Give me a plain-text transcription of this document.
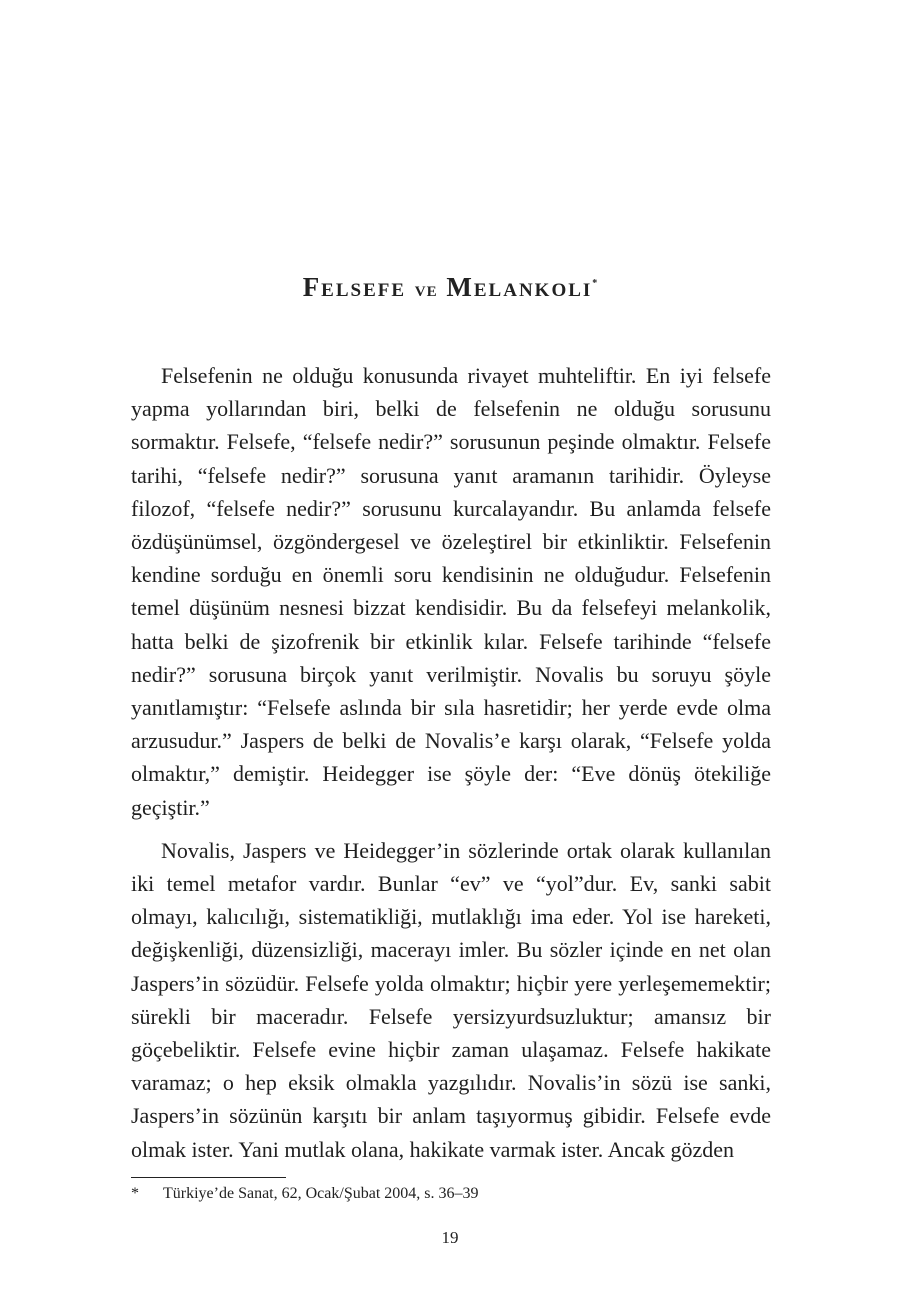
Felsefe ve Melankoli*

Felsefenin ne olduğu konusunda rivayet muhteliftir. En iyi felsefe yapma yollarından biri, belki de felsefenin ne olduğu sorusunu sormaktır. Felsefe, “felsefe nedir?” sorusunun peşinde olmaktır. Felsefe tarihi, “felsefe nedir?” sorusuna yanıt aramanın tarihidir. Öyleyse filozof, “felsefe nedir?” sorusunu kurcalayandır. Bu anlamda felsefe özdüşünümsel, özgöndergesel ve özeleştirel bir etkinliktir. Felsefenin kendine sorduğu en önemli soru kendisinin ne olduğudur. Felsefenin temel düşünüm nesnesi bizzat kendisidir. Bu da felsefeyi melankolik, hatta belki de şizofrenik bir etkinlik kılar. Felsefe tarihinde “felsefe nedir?” sorusuna birçok yanıt verilmiştir. Novalis bu soruyu şöyle yanıtlamıştır: “Felsefe aslında bir sıla hasretidir; her yerde evde olma arzusudur.” Jaspers de belki de Novalis’e karşı olarak, “Felsefe yolda olmaktır,” demiştir. Heidegger ise şöyle der: “Eve dönüş ötekiliğe geçiştir.”

Novalis, Jaspers ve Heidegger’in sözlerinde ortak olarak kullanılan iki temel metafor vardır. Bunlar “ev” ve “yol”dur. Ev, sanki sabit olmayı, kalıcılığı, sistematikliği, mutlaklığı ima eder. Yol ise hareketi, değişkenliği, düzensizliği, macerayı imler. Bu sözler içinde en net olan Jaspers’in sözüdür. Felsefe yolda olmaktır; hiçbir yere yerleşememektir; sürekli bir maceradır. Felsefe yersizyurdsuzluktur; amansız bir göçebeliktir. Felsefe evine hiçbir zaman ulaşamaz. Felsefe hakikate varamaz; o hep eksik olmakla yazgılıdır. Novalis’in sözü ise sanki, Jaspers’in sözünün karşıtı bir anlam taşıyormuş gibidir. Felsefe evde olmak ister. Yani mutlak olana, hakikate varmak ister. Ancak gözden

* Türkiye’de Sanat, 62, Ocak/Şubat 2004, s. 36–39
19
